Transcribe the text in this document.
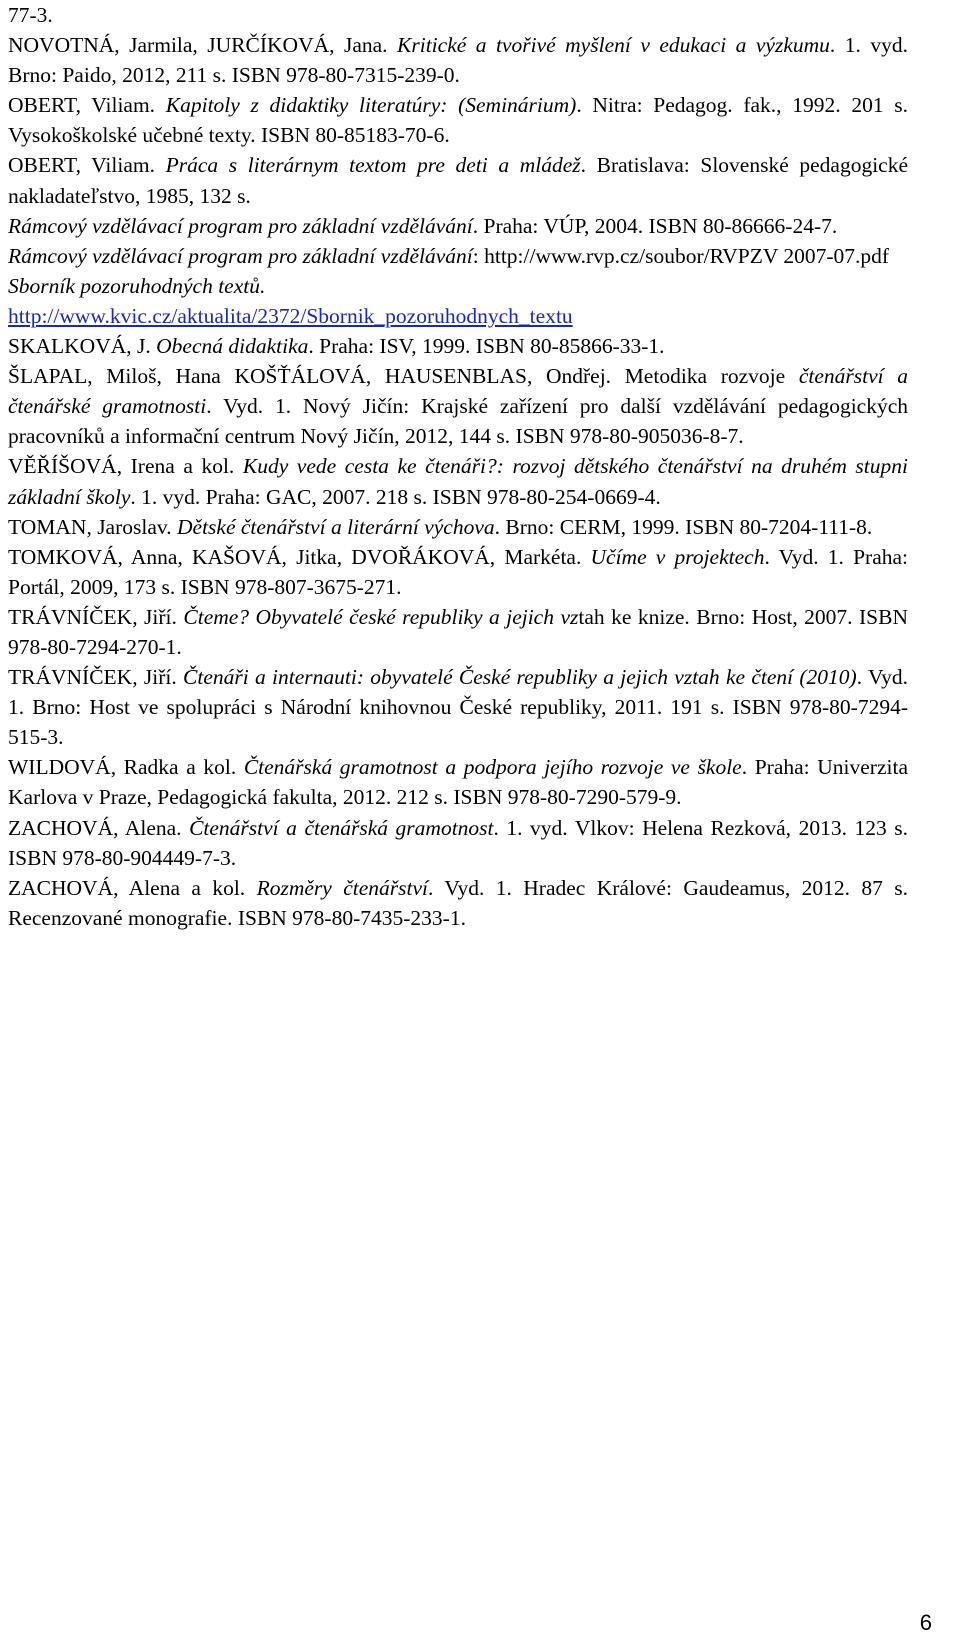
77-3.
NOVOTNÁ, Jarmila, JURČÍKOVÁ, Jana. Kritické a tvořivé myšlení v edukaci a výzkumu. 1. vyd. Brno: Paido, 2012, 211 s. ISBN 978-80-7315-239-0.
OBERT, Viliam. Kapitoly z didaktiky literatúry: (Seminárium). Nitra: Pedagog. fak., 1992. 201 s. Vysokoškolské učebné texty. ISBN 80-85183-70-6.
OBERT, Viliam. Práca s literárnym textom pre deti a mládež. Bratislava: Slovenské pedagogické nakladateľstvo, 1985, 132 s.
Rámcový vzdělávací program pro základní vzdělávání. Praha: VÚP, 2004. ISBN 80-86666-24-7.
Rámcový vzdělávací program pro základní vzdělávání: http://www.rvp.cz/soubor/RVPZV 2007-07.pdf
Sborník pozoruhodných textů.
http://www.kvic.cz/aktualita/2372/Sbornik_pozoruhodnych_textu
SKALKOVÁ, J. Obecná didaktika. Praha: ISV, 1999. ISBN 80-85866-33-1.
ŠLAPAL, Miloš, Hana KOŠŤÁLOVÁ, HAUSENBLAS, Ondřej. Metodika rozvoje čtenářství a čtenářské gramotnosti. Vyd. 1. Nový Jičín: Krajské zařízení pro další vzdělávání pedagogických pracovníků a informační centrum Nový Jičín, 2012, 144 s. ISBN 978-80-905036-8-7.
VĚŘÍŠOVÁ, Irena a kol. Kudy vede cesta ke čtenáři?: rozvoj dětského čtenářství na druhém stupni základní školy. 1. vyd. Praha: GAC, 2007. 218 s. ISBN 978-80-254-0669-4.
TOMAN, Jaroslav. Dětské čtenářství a literární výchova. Brno: CERM, 1999. ISBN 80-7204-111-8.
TOMKOVÁ, Anna, KAŠOVÁ, Jitka, DVOŘÁKOVÁ, Markéta. Učíme v projektech. Vyd. 1. Praha: Portál, 2009, 173 s. ISBN 978-807-3675-271.
TRÁVNÍČEK, Jiří. Čteme? Obyvatelé české republiky a jejich vztah ke knize. Brno: Host, 2007. ISBN 978-80-7294-270-1.
TRÁVNÍČEK, Jiří. Čtenáři a internauti: obyvatelé České republiky a jejich vztah ke čtení (2010). Vyd. 1. Brno: Host ve spolupráci s Národní knihovnou České republiky, 2011. 191 s. ISBN 978-80-7294-515-3.
WILDOVÁ, Radka a kol. Čtenářská gramotnost a podpora jejího rozvoje ve škole. Praha: Univerzita Karlova v Praze, Pedagogická fakulta, 2012. 212 s. ISBN 978-80-7290-579-9.
ZACHOVÁ, Alena. Čtenářství a čtenářská gramotnost. 1. vyd. Vlkov: Helena Rezková, 2013. 123 s. ISBN 978-80-904449-7-3.
ZACHOVÁ, Alena a kol. Rozměry čtenářství. Vyd. 1. Hradec Králové: Gaudeamus, 2012. 87 s. Recenzované monografie. ISBN 978-80-7435-233-1.
6
